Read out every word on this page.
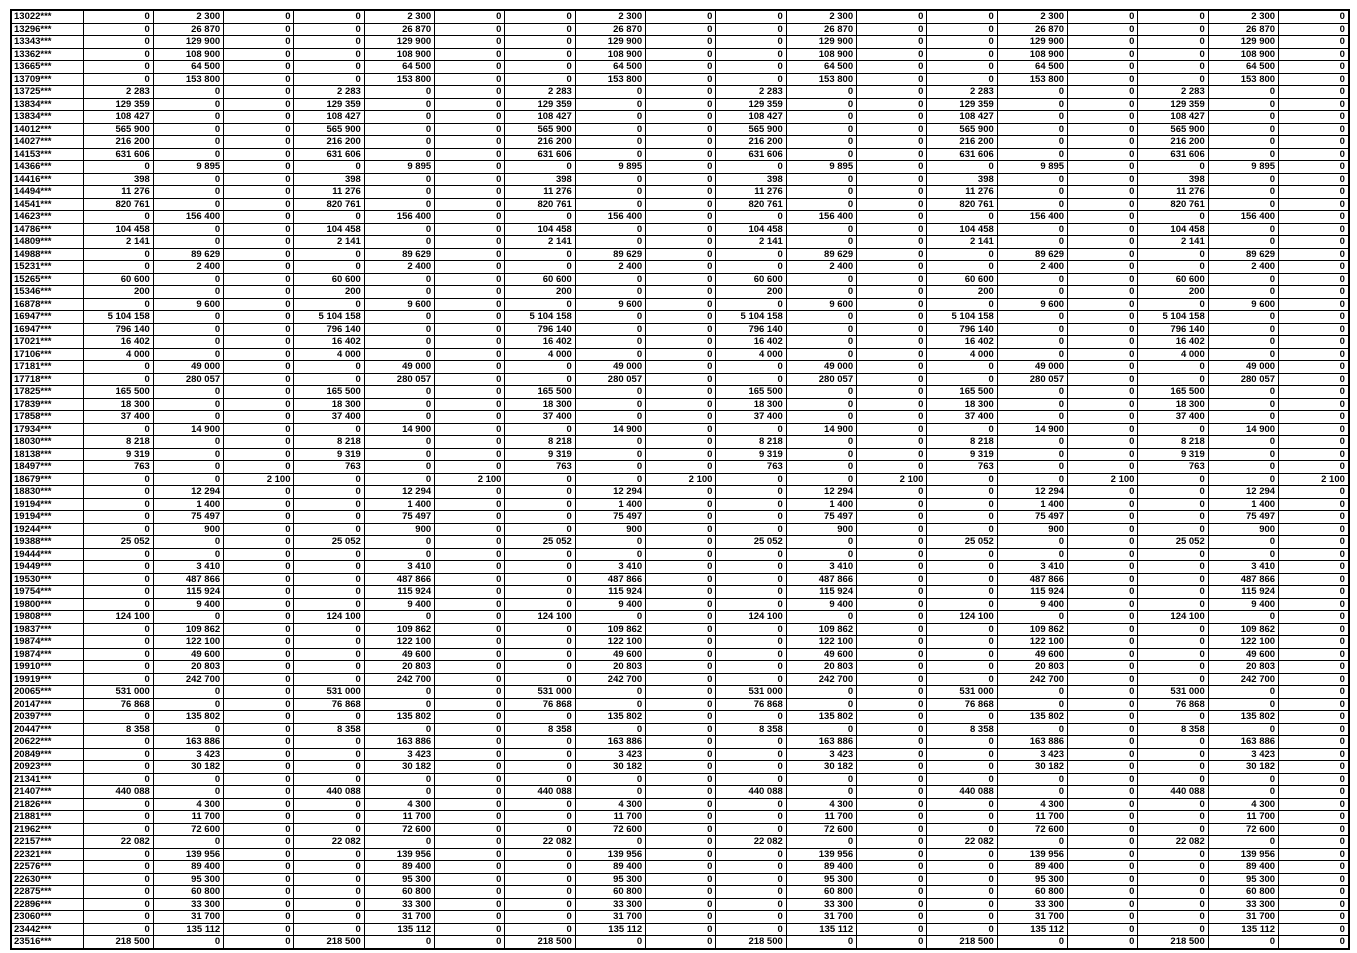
13022***	0	2 300	0	0	2 300	0	0	2 300	0	0	2 300	0	0	2 300	0	0	2 300	0
13296***	0	26 870	0	0	26 870	0	0	26 870	0	0	26 870	0	0	26 870	0	0	26 870	0
13343***	0	129 900	0	0	129 900	0	0	129 900	0	0	129 900	0	0	129 900	0	0	129 900	0
13362***	0	108 900	0	0	108 900	0	0	108 900	0	0	108 900	0	0	108 900	0	0	108 900	0
13665***	0	64 500	0	0	64 500	0	0	64 500	0	0	64 500	0	0	64 500	0	0	64 500	0
13709***	0	153 800	0	0	153 800	0	0	153 800	0	0	153 800	0	0	153 800	0	0	153 800	0
13725***	2 283	0	0	2 283	0	0	2 283	0	0	2 283	0	0	2 283	0	0	2 283	0	0
13834***	129 359	0	0	129 359	0	0	129 359	0	0	129 359	0	0	129 359	0	0	129 359	0	0
13834***	108 427	0	0	108 427	0	0	108 427	0	0	108 427	0	0	108 427	0	0	108 427	0	0
14012***	565 900	0	0	565 900	0	0	565 900	0	0	565 900	0	0	565 900	0	0	565 900	0	0
14027***	216 200	0	0	216 200	0	0	216 200	0	0	216 200	0	0	216 200	0	0	216 200	0	0
14153***	631 606	0	0	631 606	0	0	631 606	0	0	631 606	0	0	631 606	0	0	631 606	0	0
14366***	0	9 895	0	0	9 895	0	0	9 895	0	0	9 895	0	0	9 895	0	0	9 895	0
14416***	398	0	0	398	0	0	398	0	0	398	0	0	398	0	0	398	0	0
14494***	11 276	0	0	11 276	0	0	11 276	0	0	11 276	0	0	11 276	0	0	11 276	0	0
14541***	820 761	0	0	820 761	0	0	820 761	0	0	820 761	0	0	820 761	0	0	820 761	0	0
14623***	0	156 400	0	0	156 400	0	0	156 400	0	0	156 400	0	0	156 400	0	0	156 400	0
14786***	104 458	0	0	104 458	0	0	104 458	0	0	104 458	0	0	104 458	0	0	104 458	0	0
14809***	2 141	0	0	2 141	0	0	2 141	0	0	2 141	0	0	2 141	0	0	2 141	0	0
14988***	0	89 629	0	0	89 629	0	0	89 629	0	0	89 629	0	0	89 629	0	0	89 629	0
15231***	0	2 400	0	0	2 400	0	0	2 400	0	0	2 400	0	0	2 400	0	0	2 400	0
15265***	60 600	0	0	60 600	0	0	60 600	0	0	60 600	0	0	60 600	0	0	60 600	0	0
15346***	200	0	0	200	0	0	200	0	0	200	0	0	200	0	0	200	0	0
16878***	0	9 600	0	0	9 600	0	0	9 600	0	0	9 600	0	0	9 600	0	0	9 600	0
16947***	5 104 158	0	0	5 104 158	0	0	5 104 158	0	0	5 104 158	0	0	5 104 158	0	0	5 104 158	0	0
16947***	796 140	0	0	796 140	0	0	796 140	0	0	796 140	0	0	796 140	0	0	796 140	0	0
17021***	16 402	0	0	16 402	0	0	16 402	0	0	16 402	0	0	16 402	0	0	16 402	0	0
17106***	4 000	0	0	4 000	0	0	4 000	0	0	4 000	0	0	4 000	0	0	4 000	0	0
17181***	0	49 000	0	0	49 000	0	0	49 000	0	0	49 000	0	0	49 000	0	0	49 000	0
17718***	0	280 057	0	0	280 057	0	0	280 057	0	0	280 057	0	0	280 057	0	0	280 057	0
17825***	165 500	0	0	165 500	0	0	165 500	0	0	165 500	0	0	165 500	0	0	165 500	0	0
17839***	18 300	0	0	18 300	0	0	18 300	0	0	18 300	0	0	18 300	0	0	18 300	0	0
17858***	37 400	0	0	37 400	0	0	37 400	0	0	37 400	0	0	37 400	0	0	37 400	0	0
17934***	0	14 900	0	0	14 900	0	0	14 900	0	0	14 900	0	0	14 900	0	0	14 900	0
18030***	8 218	0	0	8 218	0	0	8 218	0	0	8 218	0	0	8 218	0	0	8 218	0	0
18138***	9 319	0	0	9 319	0	0	9 319	0	0	9 319	0	0	9 319	0	0	9 319	0	0
18497***	763	0	0	763	0	0	763	0	0	763	0	0	763	0	0	763	0	0
18679***	0	0	2 100	0	0	2 100	0	0	2 100	0	0	2 100	0	0	2 100	0	0	2 100
18830***	0	12 294	0	0	12 294	0	0	12 294	0	0	12 294	0	0	12 294	0	0	12 294	0
19194***	0	1 400	0	0	1 400	0	0	1 400	0	0	1 400	0	0	1 400	0	0	1 400	0
19194***	0	75 497	0	0	75 497	0	0	75 497	0	0	75 497	0	0	75 497	0	0	75 497	0
19244***	0	900	0	0	900	0	0	900	0	0	900	0	0	900	0	0	900	0
19388***	25 052	0	0	25 052	0	0	25 052	0	0	25 052	0	0	25 052	0	0	25 052	0	0
19444***	0	0	0	0	0	0	0	0	0	0	0	0	0	0	0	0	0	0
19449***	0	3 410	0	0	3 410	0	0	3 410	0	0	3 410	0	0	3 410	0	0	3 410	0
19530***	0	487 866	0	0	487 866	0	0	487 866	0	0	487 866	0	0	487 866	0	0	487 866	0
19754***	0	115 924	0	0	115 924	0	0	115 924	0	0	115 924	0	0	115 924	0	0	115 924	0
19800***	0	9 400	0	0	9 400	0	0	9 400	0	0	9 400	0	0	9 400	0	0	9 400	0
19808***	124 100	0	0	124 100	0	0	124 100	0	0	124 100	0	0	124 100	0	0	124 100	0	0
19837***	0	109 862	0	0	109 862	0	0	109 862	0	0	109 862	0	0	109 862	0	0	109 862	0
19874***	0	122 100	0	0	122 100	0	0	122 100	0	0	122 100	0	0	122 100	0	0	122 100	0
19874***	0	49 600	0	0	49 600	0	0	49 600	0	0	49 600	0	0	49 600	0	0	49 600	0
19910***	0	20 803	0	0	20 803	0	0	20 803	0	0	20 803	0	0	20 803	0	0	20 803	0
19919***	0	242 700	0	0	242 700	0	0	242 700	0	0	242 700	0	0	242 700	0	0	242 700	0
20065***	531 000	0	0	531 000	0	0	531 000	0	0	531 000	0	0	531 000	0	0	531 000	0	0
20147***	76 868	0	0	76 868	0	0	76 868	0	0	76 868	0	0	76 868	0	0	76 868	0	0
20397***	0	135 802	0	0	135 802	0	0	135 802	0	0	135 802	0	0	135 802	0	0	135 802	0
20447***	8 358	0	0	8 358	0	0	8 358	0	0	8 358	0	0	8 358	0	0	8 358	0	0
20622***	0	163 886	0	0	163 886	0	0	163 886	0	0	163 886	0	0	163 886	0	0	163 886	0
20849***	0	3 423	0	0	3 423	0	0	3 423	0	0	3 423	0	0	3 423	0	0	3 423	0
20923***	0	30 182	0	0	30 182	0	0	30 182	0	0	30 182	0	0	30 182	0	0	30 182	0
21341***	0	0	0	0	0	0	0	0	0	0	0	0	0	0	0	0	0	0
21407***	440 088	0	0	440 088	0	0	440 088	0	0	440 088	0	0	440 088	0	0	440 088	0	0
21826***	0	4 300	0	0	4 300	0	0	4 300	0	0	4 300	0	0	4 300	0	0	4 300	0
21881***	0	11 700	0	0	11 700	0	0	11 700	0	0	11 700	0	0	11 700	0	0	11 700	0
21962***	0	72 600	0	0	72 600	0	0	72 600	0	0	72 600	0	0	72 600	0	0	72 600	0
22157***	22 082	0	0	22 082	0	0	22 082	0	0	22 082	0	0	22 082	0	0	22 082	0	0
22321***	0	139 956	0	0	139 956	0	0	139 956	0	0	139 956	0	0	139 956	0	0	139 956	0
22576***	0	89 400	0	0	89 400	0	0	89 400	0	0	89 400	0	0	89 400	0	0	89 400	0
22630***	0	95 300	0	0	95 300	0	0	95 300	0	0	95 300	0	0	95 300	0	0	95 300	0
22875***	0	60 800	0	0	60 800	0	0	60 800	0	0	60 800	0	0	60 800	0	0	60 800	0
22896***	0	33 300	0	0	33 300	0	0	33 300	0	0	33 300	0	0	33 300	0	0	33 300	0
23060***	0	31 700	0	0	31 700	0	0	31 700	0	0	31 700	0	0	31 700	0	0	31 700	0
23442***	0	135 112	0	0	135 112	0	0	135 112	0	0	135 112	0	0	135 112	0	0	135 112	0
23516***	218 500	0	0	218 500	0	0	218 500	0	0	218 500	0	0	218 500	0	0	218 500	0	0
